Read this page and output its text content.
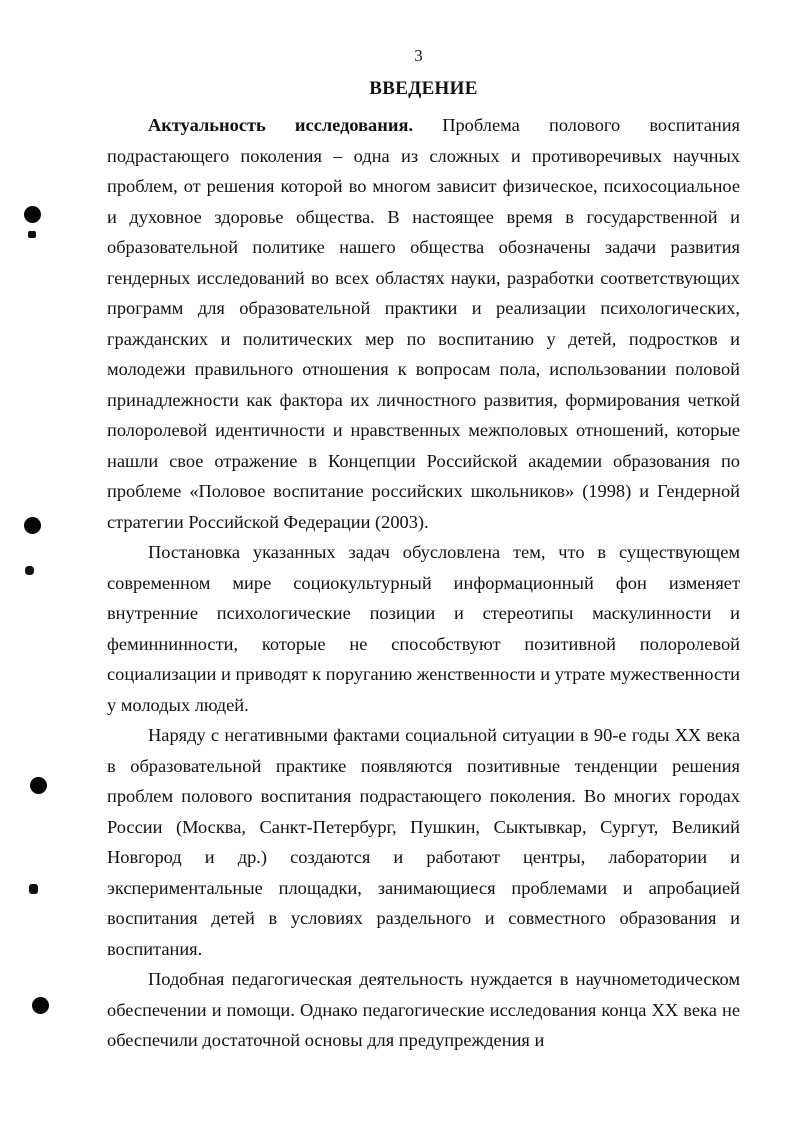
3
ВВЕДЕНИЕ

Актуальность исследования. Проблема полового воспитания подрастающего поколения – одна из сложных и противоречивых научных проблем, от решения которой во многом зависит физическое, психосоциальное и духовное здоровье общества. В настоящее время в государственной и образовательной политике нашего общества обозначены задачи развития гендерных исследований во всех областях науки, разработки соответствующих программ для образовательной практики и реализации психологических, гражданских и политических мер по воспитанию у детей, подростков и молодежи правильного отношения к вопросам пола, использовании половой принадлежности как фактора их личностного развития, формирования четкой полоролевой идентичности и нравственных межполовых отношений, которые нашли свое отражение в Концепции Российской академии образования по проблеме «Половое воспитание российских школьников» (1998) и Гендерной стратегии Российской Федерации (2003).

Постановка указанных задач обусловлена тем, что в существующем современном мире социокультурный информационный фон изменяет внутренние психологические позиции и стереотипы маскулинности и феминнинности, которые не способствуют позитивной полоролевой социализации и приводят к поруганию женственности и утрате мужественности у молодых людей.

Наряду с негативными фактами социальной ситуации в 90-е годы XX века в образовательной практике появляются позитивные тенденции решения проблем полового воспитания подрастающего поколения. Во многих городах России (Москва, Санкт-Петербург, Пушкин, Сыктывкар, Сургут, Великий Новгород и др.) создаются и работают центры, лаборатории и экспериментальные площадки, занимающиеся проблемами и апробацией воспитания детей в условиях раздельного и совместного образования и воспитания.

Подобная педагогическая деятельность нуждается в научнометодическом обеспечении и помощи. Однако педагогические исследования конца XX века не обеспечили достаточной основы для предупреждения и
